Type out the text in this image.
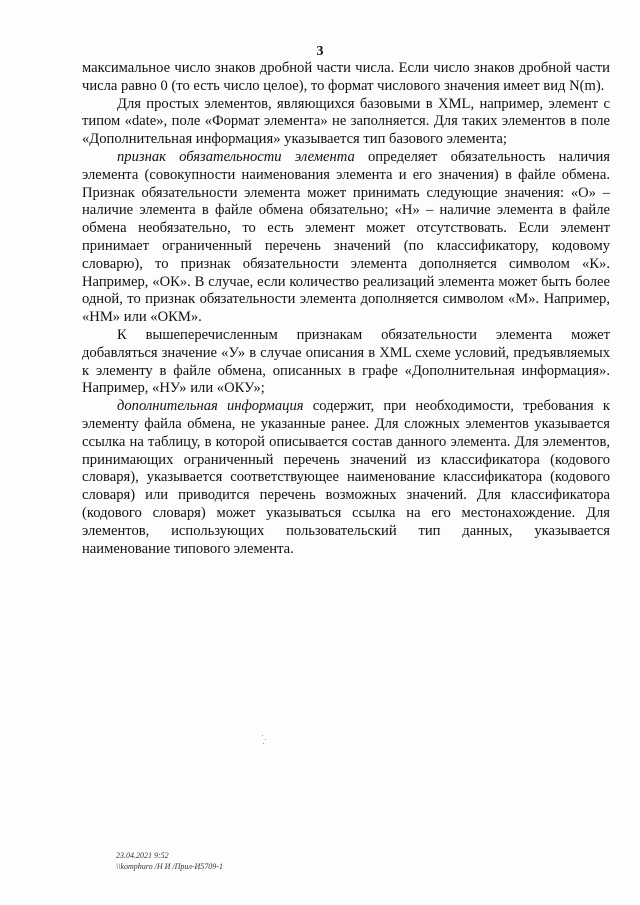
3

максимальное число знаков дробной части числа. Если число знаков дробной части числа равно 0 (то есть число целое), то формат числового значения имеет вид N(m).

Для простых элементов, являющихся базовыми в XML, например, элемент с типом «date», поле «Формат элемента» не заполняется. Для таких элементов в поле «Дополнительная информация» указывается тип базового элемента;

признак обязательности элемента определяет обязательность наличия элемента (совокупности наименования элемента и его значения) в файле обмена. Признак обязательности элемента может принимать следующие значения: «О» – наличие элемента в файле обмена обязательно; «Н» – наличие элемента в файле обмена необязательно, то есть элемент может отсутствовать. Если элемент принимает ограниченный перечень значений (по классификатору, кодовому словарю), то признак обязательности элемента дополняется символом «К». Например, «ОК». В случае, если количество реализаций элемента может быть более одной, то признак обязательности элемента дополняется символом «М». Например, «НМ» или «ОКМ».

К вышеперечисленным признакам обязательности элемента может добавляться значение «У» в случае описания в XML схеме условий, предъявляемых к элементу в файле обмена, описанных в графе «Дополнительная информация». Например, «НУ» или «ОКУ»;

дополнительная информация содержит, при необходимости, требования к элементу файла обмена, не указанные ранее. Для сложных элементов указывается ссылка на таблицу, в которой описывается состав данного элемента. Для элементов, принимающих ограниченный перечень значений из классификатора (кодового словаря), указывается соответствующее наименование классификатора (кодового словаря) или приводится перечень возможных значений. Для классификатора (кодового словаря) может указываться ссылка на его местонахождение. Для элементов, использующих пользовательский тип данных, указывается наименование типового элемента.

23.04.2021 9:52
\\komphuro /Н И /Прил-И5709-1
